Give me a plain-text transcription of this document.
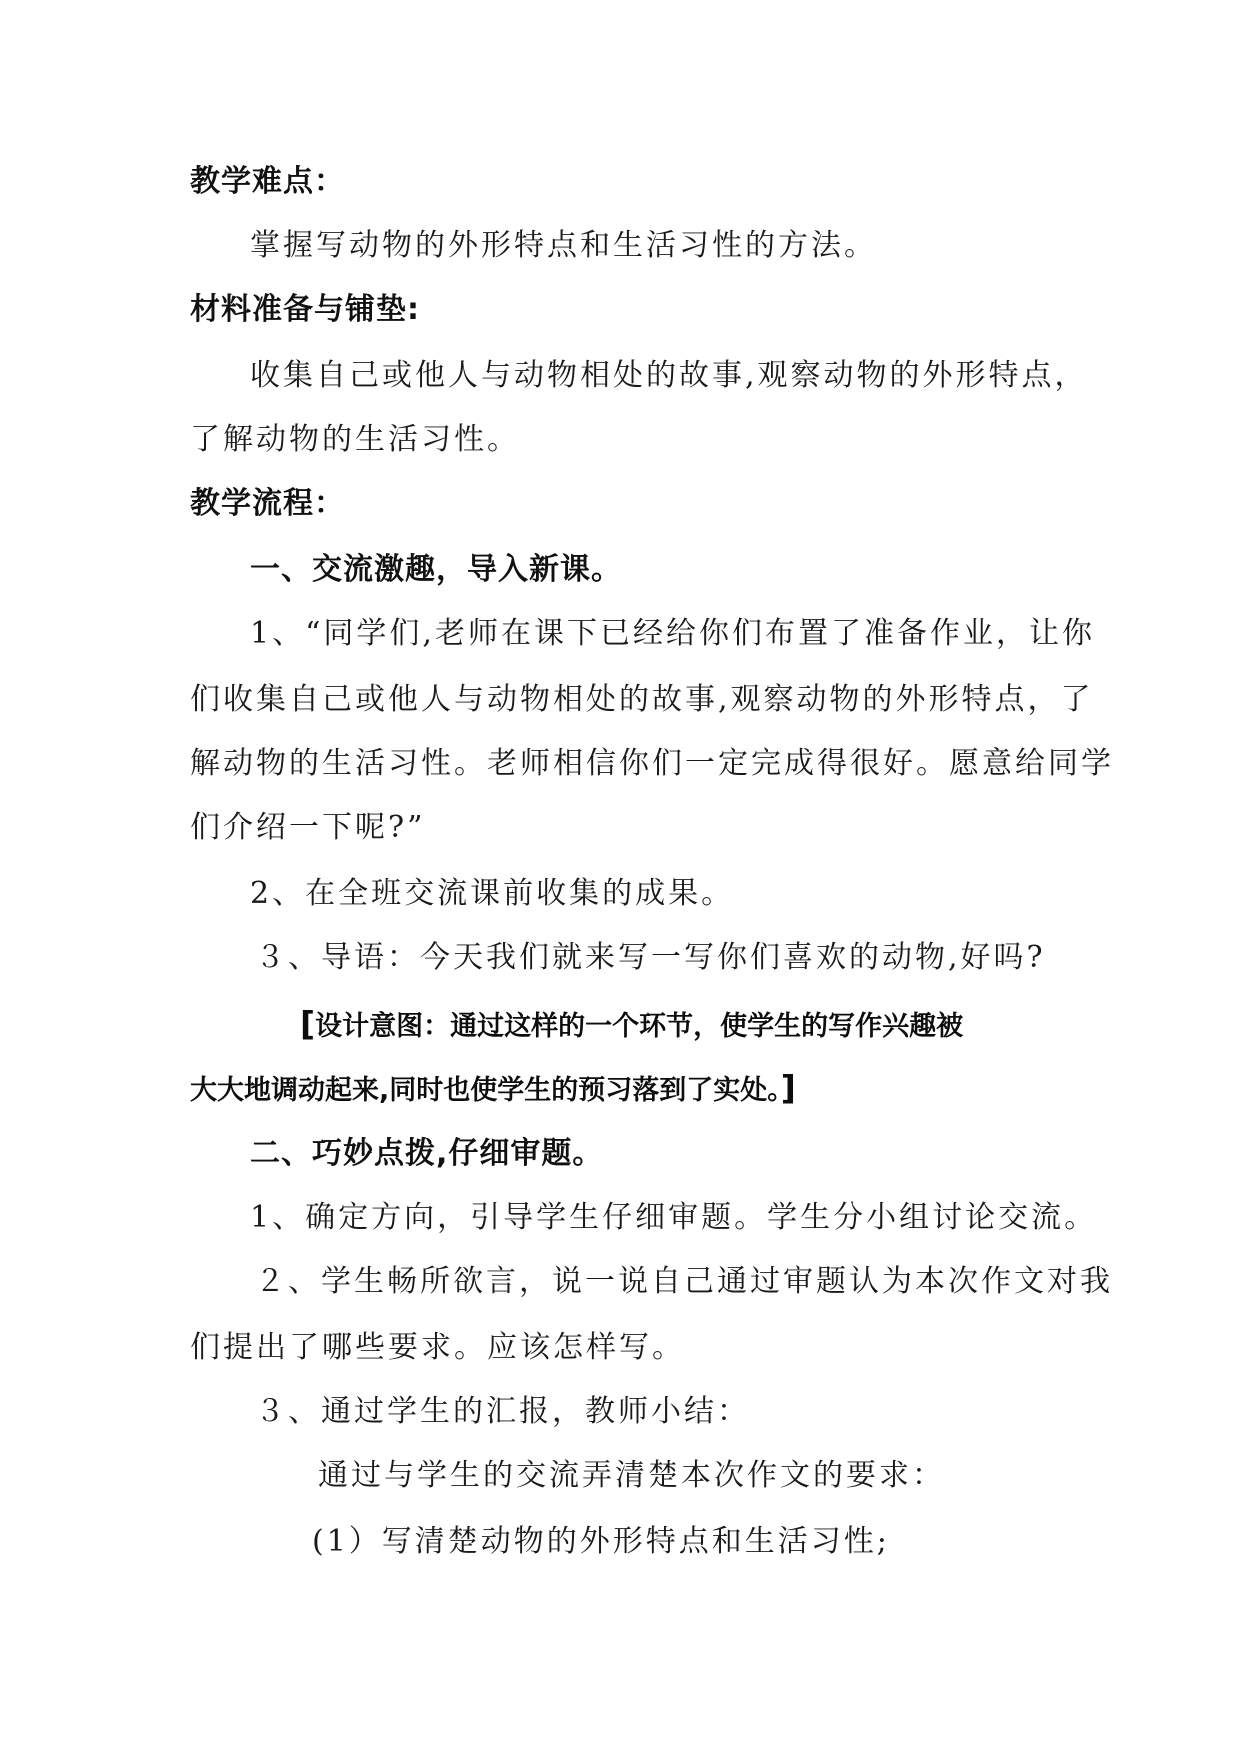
教学难点：

掌握写动物的外形特点和生活习性的方法。

材料准备与铺垫:

收集自己或他人与动物相处的故事,观察动物的外形特点，

了解动物的生活习性。

教学流程：

一、交流激趣，导入新课。

1、“同学们,老师在课下已经给你们布置了准备作业，让你

们收集自己或他人与动物相处的故事,观察动物的外形特点，了

解动物的生活习性。老师相信你们一定完成得很好。愿意给同学

们介绍一下呢?”

2、在全班交流课前收集的成果。

３、导语：今天我们就来写一写你们喜欢的动物,好吗?

[设计意图：通过这样的一个环节，使学生的写作兴趣被

大大地调动起来,同时也使学生的预习落到了实处。]

二、巧妙点拨,仔细审题。

1、确定方向，引导学生仔细审题。学生分小组讨论交流。

２、学生畅所欲言，说一说自己通过审题认为本次作文对我

们提出了哪些要求。应该怎样写。

３、通过学生的汇报，教师小结：

通过与学生的交流弄清楚本次作文的要求：

(1）写清楚动物的外形特点和生活习性;
